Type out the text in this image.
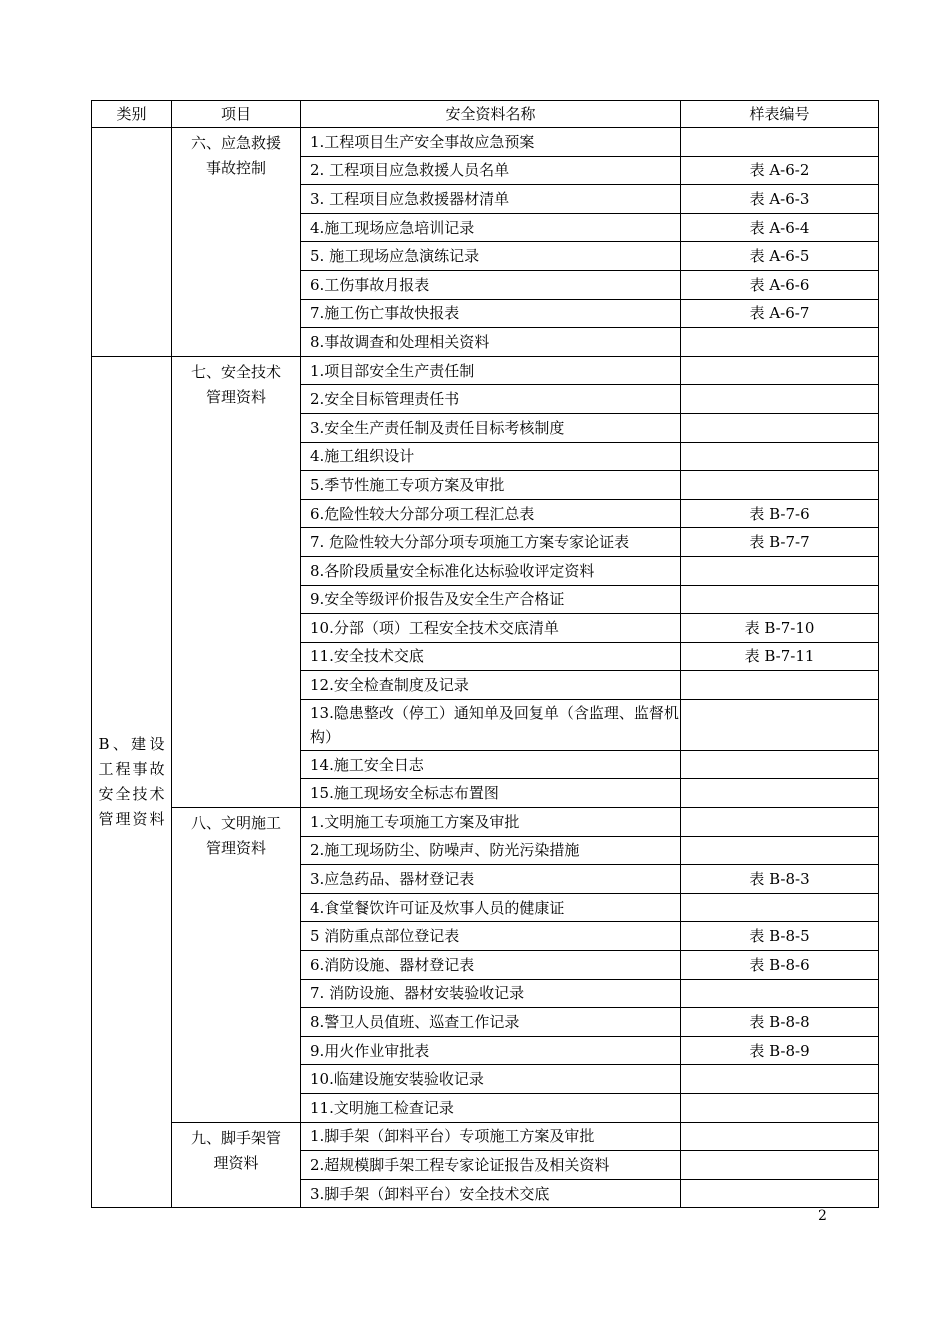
类别	项目	安全资料名称	样表编号
	六、应急救援事故控制	1.工程项目生产安全事故应急预案	
		2. 工程项目应急救援人员名单	表 A-6-2
		3. 工程项目应急救援器材清单	表 A-6-3
		4.施工现场应急培训记录	表 A-6-4
		5. 施工现场应急演练记录	表 A-6-5
		6.工伤事故月报表	表 A-6-6
		7.施工伤亡事故快报表	表 A-6-7
		8.事故调查和处理相关资料	
B、建设工程事故安全技术管理资料	七、安全技术管理资料	1.项目部安全生产责任制	
		2.安全目标管理责任书	
		3.安全生产责任制及责任目标考核制度	
		4.施工组织设计	
		5.季节性施工专项方案及审批	
		6.危险性较大分部分项工程汇总表	表 B-7-6
		7. 危险性较大分部分项专项施工方案专家论证表	表 B-7-7
		8.各阶段质量安全标准化达标验收评定资料	
		9.安全等级评价报告及安全生产合格证	
		10.分部（项）工程安全技术交底清单	表 B-7-10
		11.安全技术交底	表 B-7-11
		12.安全检查制度及记录	
		13.隐患整改（停工）通知单及回复单（含监理、监督机构）	
		14.施工安全日志	
		15.施工现场安全标志布置图	
	八、文明施工管理资料	1.文明施工专项施工方案及审批	
		2.施工现场防尘、防噪声、防光污染措施	
		3.应急药品、器材登记表	表 B-8-3
		4.食堂餐饮许可证及炊事人员的健康证	
		5 消防重点部位登记表	表 B-8-5
		6.消防设施、器材登记表	表 B-8-6
		7. 消防设施、器材安装验收记录	
		8.警卫人员值班、巡查工作记录	表 B-8-8
		9.用火作业审批表	表 B-8-9
		10.临建设施安装验收记录	
		11.文明施工检查记录	
	九、脚手架管理资料	1.脚手架（卸料平台）专项施工方案及审批	
		2.超规模脚手架工程专家论证报告及相关资料	
		3.脚手架（卸料平台）安全技术交底	
2
